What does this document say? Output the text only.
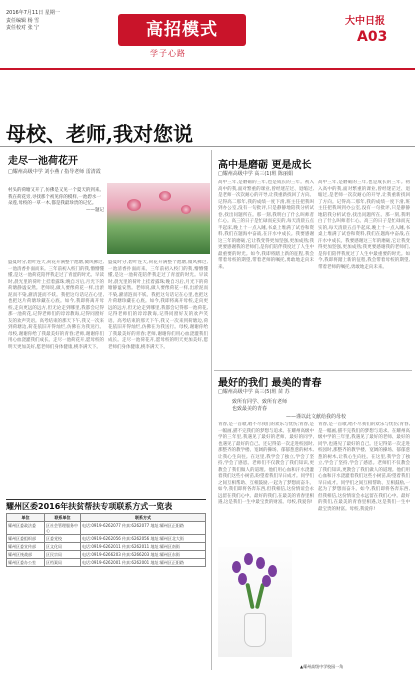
2016年7月11日 星期一
责任编辑 杨 雪
责任校对 张 宁	高招模式
学子心路
大中日报
A03
母校、老师,我对您说
走尽一池荷花开
□耀州高级中学 刘小燕 / 指导老师 雷清霞
村头的荷塘又开了,仿佛是又见一个夏天的到来。我在荷花旁,寻找那个初见你的模样,一池碧水一朵莲,母校的一草一木,都是我最珍贵的记忆。
——题记
盛夏时分,碧叶连天,荷花开满整个池塘,微风拂过,一池清香扑面而来。三年前初入校门的我,懵懵懂懂,是这一池荷花陪伴我走过了青涩的时光。早读时,晨光里的荷叶上挂着露珠;晚自习后,月光下的荷塘静谧安然。老师说,做人要像荷花一样,出淤泥而不染,濯清涟而不妖。我把这句话记在心里,也把这片荷塘珍藏在心底。如今,我即将离开母校,走向更远的远方,但无论走到哪里,我都会记得那一池荷花,记得老师们的谆谆教诲,记得同窗好友的欢声笑语。高考结束的那天下午,我又一次来到荷塘边,荷花依旧开得灿烂,仿佛在为我送行。母校,谢谢你给了我最美好的青春;老师,谢谢你们用心血浇灌我们成长。走尽一池荷花开,愿母校的明天更加美好,愿老师们身体健康,桃李满天下。
盛夏时分,碧叶连天,荷花开满整个池塘,微风拂过,一池清香扑面而来。三年前初入校门的我,懵懵懂懂,是这一池荷花陪伴我走过了青涩的时光。早读时,晨光里的荷叶上挂着露珠;晚自习后,月光下的荷塘静谧安然。老师说,做人要像荷花一样,出淤泥而不染,濯清涟而不妖。我把这句话记在心里,也把这片荷塘珍藏在心底。如今,我即将离开母校,走向更远的远方,但无论走到哪里,我都会记得那一池荷花,记得老师们的谆谆教诲,记得同窗好友的欢声笑语。高考结束的那天下午,我又一次来到荷塘边,荷花依旧开得灿烂,仿佛在为我送行。母校,谢谢你给了我最美好的青春;老师,谢谢你们用心血浇灌我们成长。走尽一池荷花开,愿母校的明天更加美好,愿老师们身体健康,桃李满天下。
耀州区委2016年扶贫帮扶专项联系方式一览表
单位	联系单位	联系方式
耀州区委政法委	区社会管理服务中心	电话:0919-6262077 传真:6262077 地址:耀州区正阳路
耀州区委组织部	区委党校	电话:0919-6262056 传真:6262056 地址:耀州区北大街
耀州区委宣传部	区文化局	电话:0919-6262011 传真:6262011 地址:耀州区南街
耀州区统战部	区民宗局	电话:0919-6266203 传真:6266203 地址:耀州区东街
耀州区委办公室	区档案局	电话:0919-6262001 传真:6262001 地址:耀州区正阳路
高中是磨砺 更是成长
□耀州高级中学 高三(1)班 陈丽娟
高中三年,是磨砺的三年,也是成长的三年。初入高中的我,面对繁重的课业,曾经迷茫过、退缩过,是老师一次次耐心的开导,让我重新找回了方向。记得高二那年,我的成绩一度下滑,班主任把我叫到办公室,没有一句批评,只是静静地陪我分析试卷,找出问题所在。那一刻,我明白了什么叫师者仁心。高三的日子是忙碌而充实的,每天清晨五点半起床,晚上十一点入睡,书桌上堆满了试卷和资料,我们在题海中奋战,在汗水中成长。我要感谢这三年的磨砺,它让我变得更加坚强,更加成熟;我更要感谢我的老师们,是你们陪伴我度过了人生中最重要的时光。如今,我即将踏上新的征程,我会带着母校的期望,带着老师的嘱托,勇敢地走向未来。
高中三年,是磨砺的三年,也是成长的三年。初入高中的我,面对繁重的课业,曾经迷茫过、退缩过,是老师一次次耐心的开导,让我重新找回了方向。记得高二那年,我的成绩一度下滑,班主任把我叫到办公室,没有一句批评,只是静静地陪我分析试卷,找出问题所在。那一刻,我明白了什么叫师者仁心。高三的日子是忙碌而充实的,每天清晨五点半起床,晚上十一点入睡,书桌上堆满了试卷和资料,我们在题海中奋战,在汗水中成长。我要感谢这三年的磨砺,它让我变得更加坚强,更加成熟;我更要感谢我的老师们,是你们陪伴我度过了人生中最重要的时光。如今,我即将踏上新的征程,我会带着母校的期望,带着老师的嘱托,勇敢地走向未来。
最好的我们 最美的青春
□耀州高级中学 高三(5)班 苗 苏
致所有同学、致所有老师
也致最美的青春
——谨以此文献给我的母校
青春,是一首歌,唱不尽我们的欢乐与忧伤;青春,是一幅画,描不完我们的梦想与追求。在耀州高级中学的三年里,我遇见了最好的老师、最好的同学,也遇见了最好的自己。还记得第一次走进校园时,那整齐的教学楼、宽阔的操场、郁郁葱葱的树木,让我心生向往。在这里,我学会了独立,学会了坚持,学会了感恩。老师们不仅教会了我们知识,更教会了我们做人的道理。他们用心血和汗水浇灌着我们这些小树苗,盼望着我们早日成才。同学们之间互相帮助、互相鼓励,一起为了梦想而奋斗。如今,我们即将各奔东西,但我相信,这份情谊会永远留在我们心中。最好的我们,在最美的青春里相遇,这是我们一生中最宝贵的财富。母校,我爱你!
青春,是一首歌,唱不尽我们的欢乐与忧伤;青春,是一幅画,描不完我们的梦想与追求。在耀州高级中学的三年里,我遇见了最好的老师、最好的同学,也遇见了最好的自己。还记得第一次走进校园时,那整齐的教学楼、宽阔的操场、郁郁葱葱的树木,让我心生向往。在这里,我学会了独立,学会了坚持,学会了感恩。老师们不仅教会了我们知识,更教会了我们做人的道理。他们用心血和汗水浇灌着我们这些小树苗,盼望着我们早日成才。同学们之间互相帮助、互相鼓励,一起为了梦想而奋斗。如今,我们即将各奔东西,但我相信,这份情谊会永远留在我们心中。最好的我们,在最美的青春里相遇,这是我们一生中最宝贵的财富。母校,我爱你!
▲耀州高级中学校园一角
